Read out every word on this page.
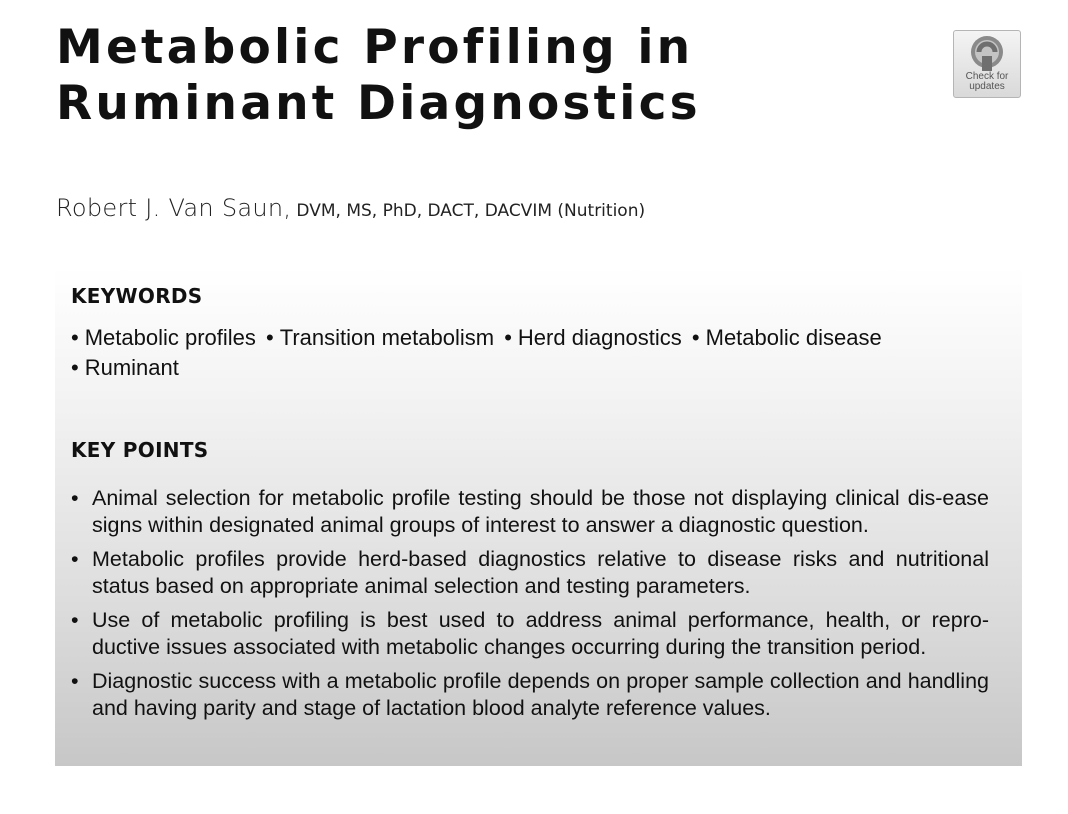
Metabolic Profiling in
Ruminant Diagnostics	Check for
updates
Robert J. Van Saun, DVM, MS, PhD, DACT, DACVIM (Nutrition)
KEYWORDS
• Metabolic profiles • Transition metabolism • Herd diagnostics • Metabolic disease
• Ruminant
KEY POINTS
• Animal selection for metabolic profile testing should be those not displaying clinical dis-ease signs within designated animal groups of interest to answer a diagnostic question.
• Metabolic profiles provide herd-based diagnostics relative to disease risks and nutritional status based on appropriate animal selection and testing parameters.
• Use of metabolic profiling is best used to address animal performance, health, or repro-ductive issues associated with metabolic changes occurring during the transition period.
• Diagnostic success with a metabolic profile depends on proper sample collection and handling and having parity and stage of lactation blood analyte reference values.
